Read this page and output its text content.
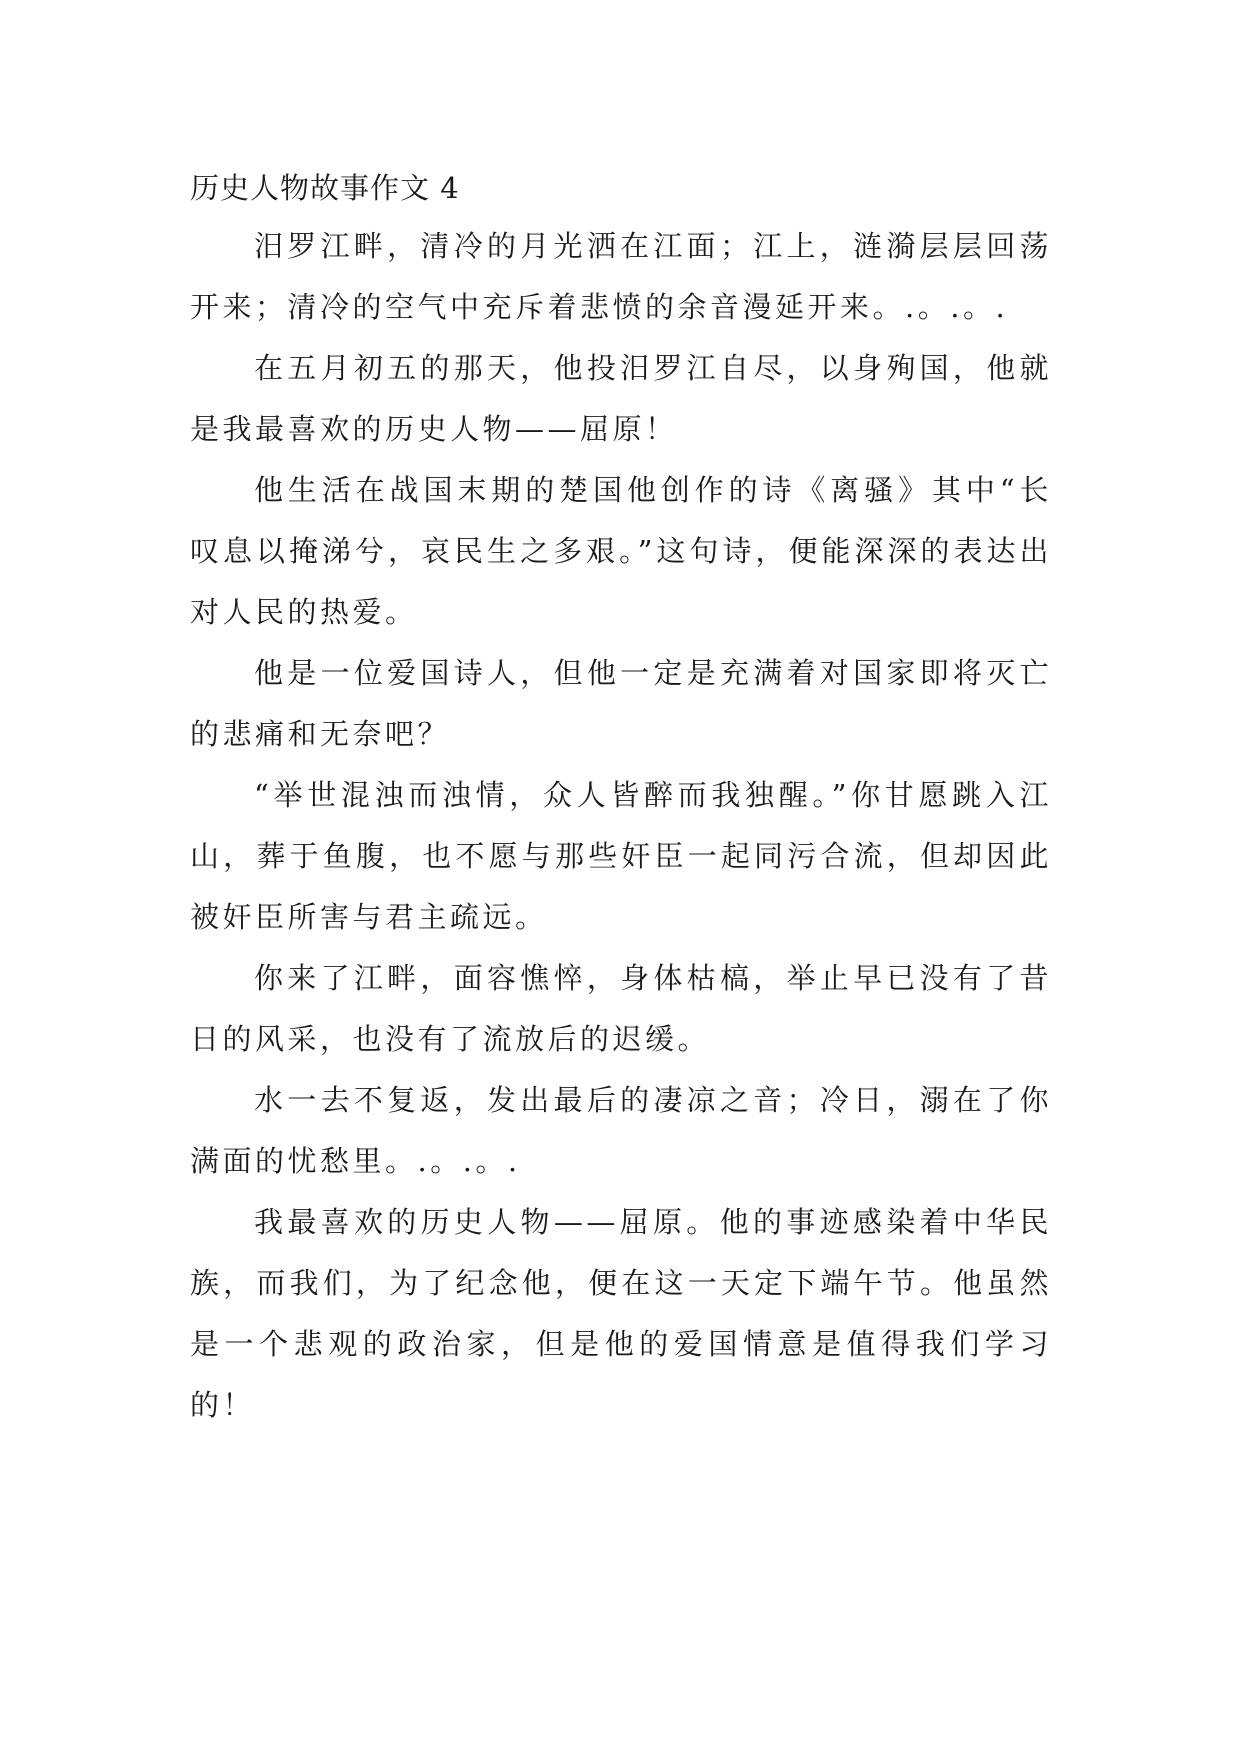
历史人物故事作文 4

汨罗江畔，清冷的月光洒在江面；江上，涟漪层层回荡开来；清冷的空气中充斥着悲愤的余音漫延开来。.。.。.

在五月初五的那天，他投汨罗江自尽，以身殉国，他就是我最喜欢的历史人物——屈原！

他生活在战国末期的楚国他创作的诗《离骚》其中“长叹息以掩涕兮，哀民生之多艰。”这句诗，便能深深的表达出对人民的热爱。

他是一位爱国诗人，但他一定是充满着对国家即将灭亡的悲痛和无奈吧？

“举世混浊而浊情，众人皆醉而我独醒。”你甘愿跳入江山，葬于鱼腹，也不愿与那些奸臣一起同污合流，但却因此被奸臣所害与君主疏远。

你来了江畔，面容憔悴，身体枯槁，举止早已没有了昔日的风采，也没有了流放后的迟缓。

水一去不复返，发出最后的凄凉之音；冷日，溺在了你满面的忧愁里。.。.。.

我最喜欢的历史人物——屈原。他的事迹感染着中华民族，而我们，为了纪念他，便在这一天定下端午节。他虽然是一个悲观的政治家，但是他的爱国情意是值得我们学习的！
